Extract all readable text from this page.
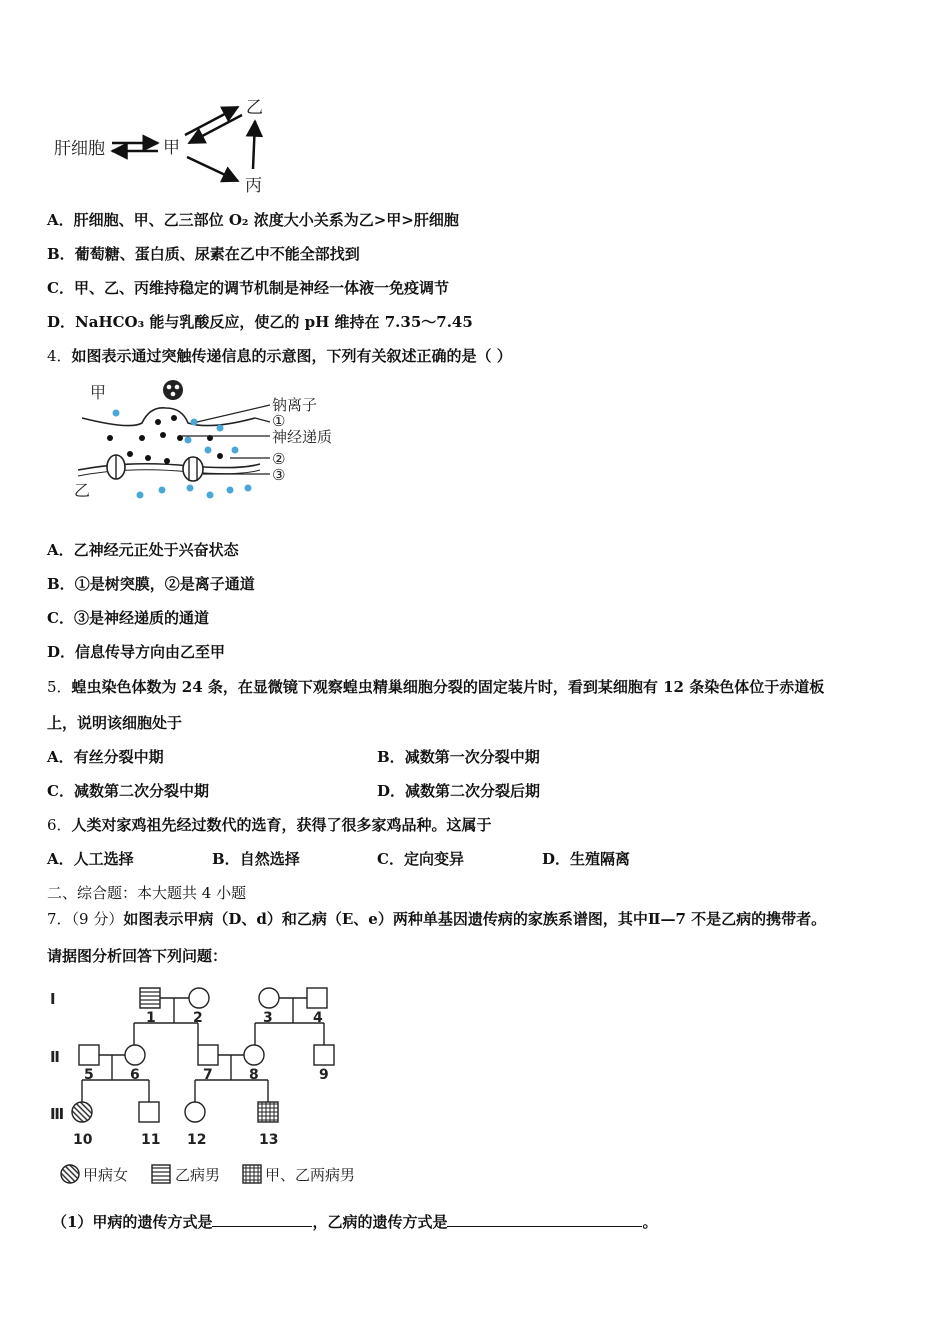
肝细胞	甲
乙
丙
A．肝细胞、甲、乙三部位 O₂ 浓度大小关系为乙>甲>肝细胞
B．葡萄糖、蛋白质、尿素在乙中不能全部找到
C．甲、乙、丙维持稳定的调节机制是神经一体液一免疫调节
D．NaHCO₃ 能与乳酸反应，使乙的 pH 维持在 7.35～7.45
4．如图表示通过突触传递信息的示意图，下列有关叙述正确的是（ ）
甲
乙
钠离子
①
神经递质
②
③
A．乙神经元正处于兴奋状态
B．①是树突膜，②是离子通道
C．③是神经递质的通道
D．信息传导方向由乙至甲
5．蝗虫染色体数为 24 条，在显微镜下观察蝗虫精巢细胞分裂的固定装片时，看到某细胞有 12 条染色体位于赤道板
上，说明该细胞处于
A．有丝分裂中期	B．减数第一次分裂中期
C．减数第二次分裂中期	D．减数第二次分裂后期
6．人类对家鸡祖先经过数代的选育，获得了很多家鸡品种。这属于
A．人工选择	B．自然选择	C．定向变异	D．生殖隔离
二、综合题：本大题共 4 小题
7．（9 分）如图表示甲病（D、d）和乙病（E、e）两种单基因遗传病的家族系谱图，其中Ⅱ—7 不是乙病的携带者。
请据图分析回答下列问题：
Ⅰ
Ⅱ
Ⅲ
1	2	3	4
5	6	7	8	9
10	11 12	13
甲病女	乙病男	甲、乙两病男
（1）甲病的遗传方式是	，乙病的遗传方式是	。
